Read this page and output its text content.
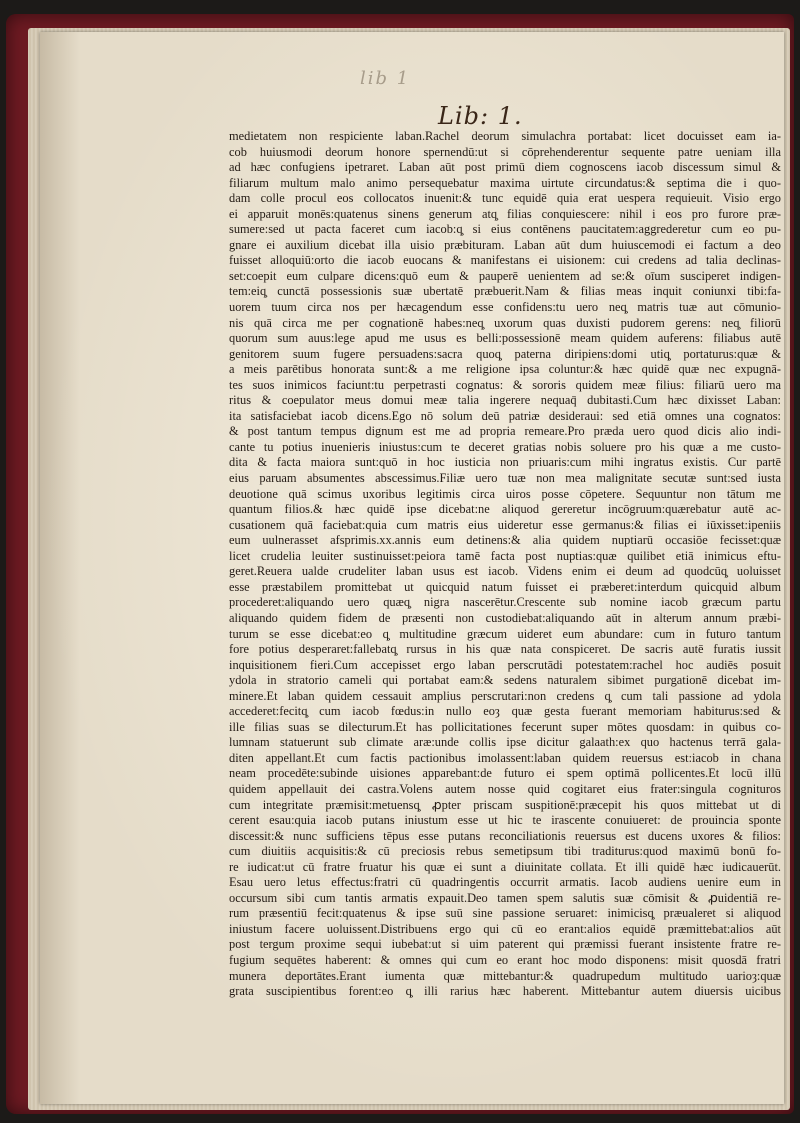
lib 1
Lib: 1.
medietatem non respiciente laban.Rachel deorum simulachra portabat: licet docuisset eam ia-
cob huiusmodi deorum honore spernendū:ut si cōprehenderentur sequente patre ueniam illa
ad hæc confugiens ipetraret. Laban aūt post primū diem cognoscens iacob discessum simul &
filiarum multum malo animo persequebatur maxima uirtute circundatus:& septima die i quo-
dam colle procul eos collocatos inuenit:& tunc equidē quia erat uespera requieuit. Visio ergo
ei apparuit monēs:quatenus sinens generum atq̧ filias conquiescere: nihil i eos pro furore præ-
sumere:sed ut pacta faceret cum iacob:q̧ si eius contēnens paucitatem:aggrederetur cum eo pu-
gnare ei auxilium dicebat illa uisio præbituram. Laban aūt dum huiuscemodi ei factum a deo
fuisset alloquiū:orto die iacob euocans & manifestans ei uisionem: cui credens ad talia declinas-
set:coepit eum culpare dicens:quō eum & pauperē uenientem ad se:& oīum susciperet indigen-
tem:eiq̧ cunctā possessionis suæ ubertatē præbuerit.Nam & filias meas inquit coniunxi tibi:fa-
uorem tuum circa nos per hæcagendum esse confidens:tu uero neq̧ matris tuæ aut cōmunio-
nis quā circa me per cognationē habes:neq̧ uxorum quas duxisti pudorem gerens: neq̧ filiorū
quorum sum auus:lege apud me usus es belli:possessionē meam quidem auferens: filiabus autē
genitorem suum fugere persuadens:sacra quoq̧ paterna diripiens:domi utiq̧ portaturus:quæ &
a meis parētibus honorata sunt:& a me religione ipsa coluntur:& hæc quidē quæ nec expugnā-
tes suos inimicos faciunt:tu perpetrasti cognatus: & sororis quidem meæ filius: filiarū uero ma
ritus & coepulator meus domui meæ talia ingerere nequaq̄ dubitasti.Cum hæc dixisset Laban:
ita satisfaciebat iacob dicens.Ego nō solum deū patriæ desideraui: sed etiā omnes una cognatos:
& post tantum tempus dignum est me ad propria remeare.Pro præda uero quod dicis alio indi-
cante tu potius inuenieris iniustus:cum te deceret gratias nobis soluere pro his quæ a me custo-
dita & facta maiora sunt:quō in hoc iusticia non priuaris:cum mihi ingratus existis. Cur partē
eius paruam absumentes abscessimus.Filiæ uero tuæ non mea malignitate secutæ sunt:sed iusta
deuotione quā scimus uxoribus legitimis circa uiros posse cōpetere. Sequuntur non tātum me
quantum filios.& hæc quidē ipse dicebat:ne aliquod gereretur incōgruum:quærebatur autē ac-
cusationem quā faciebat:quia cum matris eius uideretur esse germanus:& filias ei iūxisset:ipeniis
eum uulnerasset afsprimis.xx.annis eum detinens:& alia quidem nuptiarū occasiōe fecisset:quæ
licet crudelia leuiter sustinuisset:peiora tamē facta post nuptias:quæ quilibet etiā inimicus eftu-
geret.Reuera ualde crudeliter laban usus est iacob. Videns enim ei deum ad quodcūq̧ uoluisset
esse præstabilem promittebat ut quicquid natum fuisset ei præberet:interdum quicquid album
procederet:aliquando uero quæq̧ nigra nascerētur.Crescente sub nomine iacob græcum partu
aliquando quidem fidem de præsenti non custodiebat:aliquando aūt in alterum annum præbi-
turum se esse dicebat:eo q̧ multitudine græcum uideret eum abundare: cum in futuro tantum
fore potius desperaret:fallebatq̧ rursus in his quæ nata conspiceret. De sacris autē furatis iussit
inquisitionem fieri.Cum accepisset ergo laban perscrutādi potestatem:rachel hoc audiēs posuit
ydola in stratorio cameli qui portabat eam:& sedens naturalem sibimet purgationē dicebat im-
minere.Et laban quidem cessauit amplius perscrutari:non credens q̧ cum tali passione ad ydola
accederet:fecitq̧ cum iacob fœdus:in nullo eoȝ quæ gesta fuerant memoriam habiturus:sed &
ille filias suas se dilecturum.Et has pollicitationes fecerunt super mōtes quosdam: in quibus co-
lumnam statuerunt sub climate aræ:unde collis ipse dicitur galaath:ex quo hactenus terrā gala-
diten appellant.Et cum factis pactionibus imolassent:laban quidem reuersus est:iacob in chana
neam procedēte:subinde uisiones apparebant:de futuro ei spem optimā pollicentes.Et locū illū
quidem appellauit dei castra.Volens autem nosse quid cogitaret eius frater:singula cognituros
cum integritate præmisit:metuensq̧ ꝓpter priscam suspitionē:præcepit his quos mittebat ut di
cerent esau:quia iacob putans iniustum esse ut hic te irascente conuiueret: de prouincia sponte
discessit:& nunc sufficiens tēpus esse putans reconciliationis reuersus est ducens uxores & filios:
cum diuitiis acquisitis:& cū preciosis rebus semetipsum tibi traditurus:quod maximū bonū fo-
re iudicat:ut cū fratre fruatur his quæ ei sunt a diuinitate collata. Et illi quidē hæc iudicauerūt.
Esau uero letus effectus:fratri cū quadringentis occurrit armatis. Iacob audiens uenire eum in
occursum sibi cum tantis armatis expauit.Deo tamen spem salutis suæ cōmisit & ꝓuidentiā re-
rum præsentiū fecit:quatenus & ipse suū sine passione seruaret: inimicisq̧ præualeret si aliquod
iniustum facere uoluissent.Distribuens ergo qui cū eo erant:alios equidē præmittebat:alios aūt
post tergum proxime sequi iubebat:ut si uim paterent qui præmissi fuerant insistente fratre re-
fugium sequētes haberent: & omnes qui cum eo erant hoc modo disponens: misit quosdā fratri
munera deportātes.Erant iumenta quæ mittebantur:& quadrupedum multitudo uarioȝ:quæ
grata suscipientibus forent:eo q̧ illi rarius hæc haberent. Mittebantur autem diuersis uicibus
